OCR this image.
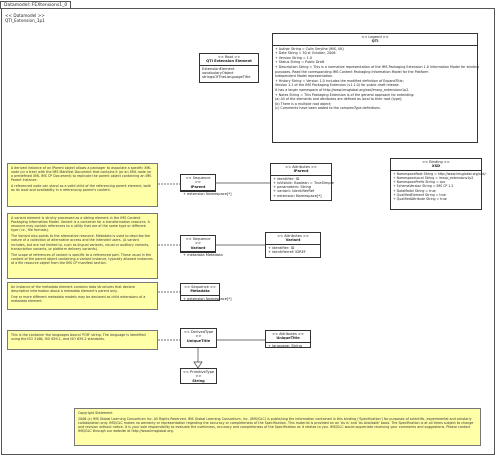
Datamodel::FEXtensions1_0
<< Datamodel >>
QTI_Extension_1p1
<< Root >>
QTI Extension Element
ExtensionElement
vocabularyObject
stringsOfTheLanguageTitle
<< Legend >>
QTI
+ Author String = Colin Smythe (IMS, UK)
+ Date String = 30 st October, 2006
+ Version String = 1.0
+ Status String = Public Draft
+ Description String = This is a normative representation of the IMS Packaging Extension 1.0 Information Model for binding
purposes. Read the corresponding IMS Content Packaging Information Model for the Platform
Independent Model representation.
+ History String = Version 1.0 includes the modified definition of ExpandTitle;
Version 1.1 of the IMS Packaging Extension (v1.1.0) for public draft release.
It has a larger namespace of http://www.imsglobal.org/xsd/imscp_extensionv1p2.
+ Notes String = This Packaging Extension is of the general approach for extending:
(a) All of the elements and attributes are defined as local to their root (type);
(b) There is a multiple root object;
(c) Comments have been added to the complexType definitions.
<< Binding >>
XSD
+ NamespaceRoot String = http://www.imsglobal.org/xsd/
+ NamespaceLocal String = imscp_extensionv1p2
+ NamespacePrefix String = cpx
+ SchemaVersion String = IMS CP 1.2
+ DataModel String = true
+ QualifiedElement String = true
+ QualifiedAttribute String = true

A derived instance of an IParent object allows a packager to associate a specific XML node (or a tree) with the IMS Manifest Document that contains it (or an XML node (or a predefined XML IMS CP Document) to replicate the parent object containing an IMS Parent instance.

A referenced node can stand as a valid child of the referencing parent element, both as its local and availability in a referencing parent's content.

<< Sequence >>
IParent
+ extension Namespace[*]
<< Attributes >>
IParent
+ identifier: ID
+ isVisible: Boolean = TrueSimple
+ parameters: String
+ variant: IdentifierRef
+ extension Namespace[*]

A variant element is strictly processed as a sibling element in the IMS Content Packaging Information Model. Variant is a container for a transformation resource. A resource may contain references to a utility that are of the same type or different type (i.e., file formats).

The Variant also points to the alternative resource. Metadata is used to describe the nature of a collection of alternative access and the intended users. (A variant includes, but are not limited to, such as lingual variants, visual or auditory variants, transcription variants, or platform delivery variants).

The scope of references of variant is specific to a referenced part. These usual in the context of the parent object containing a variant instance, typically allowed instances of a file resource object from the IMS CP manifest section.

<< Sequence >>
Variant
+ metadata Metadata
<< Attributes >>
Variant
+ identifier: ID
+ identifierref: IDREF

An instance of the metadata element contains data structures that declare descriptive information about a metadata element's parent only.

One or more different metadata models may be declared as child extensions of a metadata element.

<< Sequence >>
Metadata
+ extension Namespace[*]

This is the container the languages bound 'FOR' string. The language is identified using the ISO 3166, ISO 639-1, and ISO 639-2 standards.

<< DerivedType >>
UniqueTitle
<< Attributes >>
UniqueTitle
+ language: String
<< PrimitiveType >>
String

Copyright Statement

2006 (c) IMS Global Learning Consortium Inc. All Rights Reserved. IMS Global Learning Consortium, Inc. (IMS/GLC) is publishing the information contained in this binding ('Specification') for purposes of scientific, experimental and scholarly collaboration only. IMS/GLC makes no warranty or representation regarding the accuracy or completeness of the Specification. This material is provided on an 'As Is' and 'As Available' basis. The Specification is at all times subject to change and revision without notice. It is your sole responsibility to evaluate the usefulness, accuracy and completeness of the Specification as it relates to you. IMS/GLC would appreciate receiving your comments and suggestions. Please contact IMS/GLC through our website at http://www.imsglobal.org.
